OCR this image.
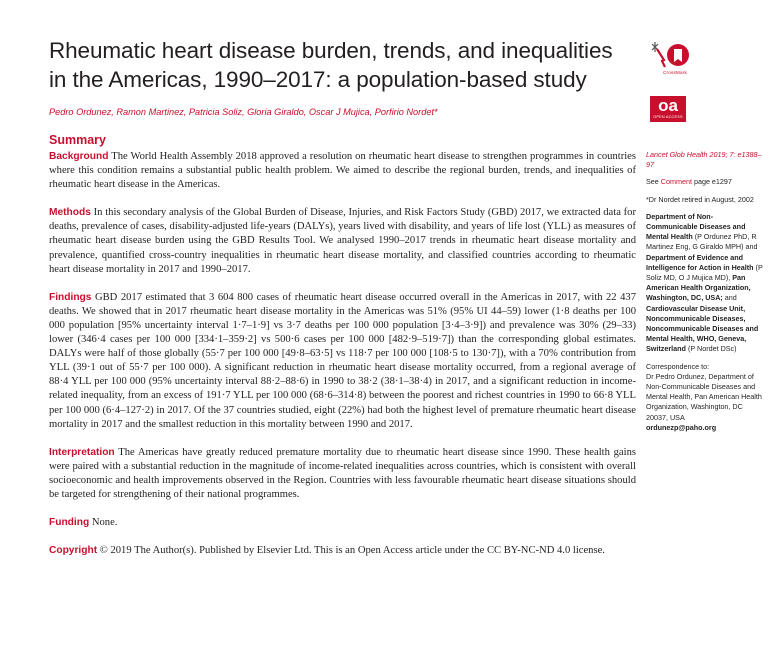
Rheumatic heart disease burden, trends, and inequalities in the Americas, 1990–2017: a population-based study	CrossMark
oa
OPEN ACCESS
Pedro Ordunez, Ramon Martinez, Patricia Soliz, Gloria Giraldo, Oscar J Mujica, Porfirio Nordet*
Summary

Background The World Health Assembly 2018 approved a resolution on rheumatic heart disease to strengthen programmes in countries where this condition remains a substantial public health problem. We aimed to describe the regional burden, trends, and inequalities of rheumatic heart disease in the Americas.

Methods In this secondary analysis of the Global Burden of Disease, Injuries, and Risk Factors Study (GBD) 2017, we extracted data for deaths, prevalence of cases, disability-adjusted life-years (DALYs), years lived with disability, and years of life lost (YLL) as measures of rheumatic heart disease burden using the GBD Results Tool. We analysed 1990–2017 trends in rheumatic heart disease mortality and prevalence, quantified cross-country inequalities in rheumatic heart disease mortality, and classified countries according to rheumatic heart disease mortality in 2017 and 1990–2017.

Findings GBD 2017 estimated that 3 604 800 cases of rheumatic heart disease occurred overall in the Americas in 2017, with 22 437 deaths. We showed that in 2017 rheumatic heart disease mortality in the Americas was 51% (95% UI 44–59) lower (1·8 deaths per 100 000 population [95% uncertainty interval 1·7–1·9] vs 3·7 deaths per 100 000 population [3·4–3·9]) and prevalence was 30% (29–33) lower (346·4 cases per 100 000 [334·1–359·2] vs 500·6 cases per 100 000 [482·9–519·7]) than the corresponding global estimates. DALYs were half of those globally (55·7 per 100 000 [49·8–63·5] vs 118·7 per 100 000 [108·5 to 130·7]), with a 70% contribution from YLL (39·1 out of 55·7 per 100 000). A significant reduction in rheumatic heart disease mortality occurred, from a regional average of 88·4 YLL per 100 000 (95% uncertainty interval 88·2–88·6) in 1990 to 38·2 (38·1–38·4) in 2017, and a significant reduction in income-related inequality, from an excess of 191·7 YLL per 100 000 (68·6–314·8) between the poorest and richest countries in 1990 to 66·8 YLL per 100 000 (6·4–127·2) in 2017. Of the 37 countries studied, eight (22%) had both the highest level of premature rheumatic heart disease mortality in 2017 and the smallest reduction in this mortality between 1990 and 2017.

Interpretation The Americas have greatly reduced premature mortality due to rheumatic heart disease since 1990. These health gains were paired with a substantial reduction in the magnitude of income-related inequalities across countries, which is consistent with overall socioeconomic and health improvements observed in the Region. Countries with less favourable rheumatic heart disease situations should be targeted for strengthening of their national programmes.

Funding None.

Copyright © 2019 The Author(s). Published by Elsevier Ltd. This is an Open Access article under the CC BY-NC-ND 4.0 license.

Lancet Glob Health 2019; 7: e1388–97

See Comment page e1297

*Dr Nordet retired in August, 2002

Department of Non-Communicable Diseases and Mental Health (P Ordunez PhD, R Martinez Eng, G Giraldo MPH) and Department of Evidence and Intelligence for Action in Health (P Soliz MD, O J Mujica MD), Pan American Health Organization, Washington, DC, USA; and Cardiovascular Disease Unit, Noncommunicable Diseases, Noncommunicable Diseases and Mental Health, WHO, Geneva, Switzerland (P Nordet DSc)

Correspondence to:

Dr Pedro Ordunez, Department of Non-Communicable Diseases and Mental Health, Pan American Health Organization, Washington, DC 20037, USA

ordunezp@paho.org
